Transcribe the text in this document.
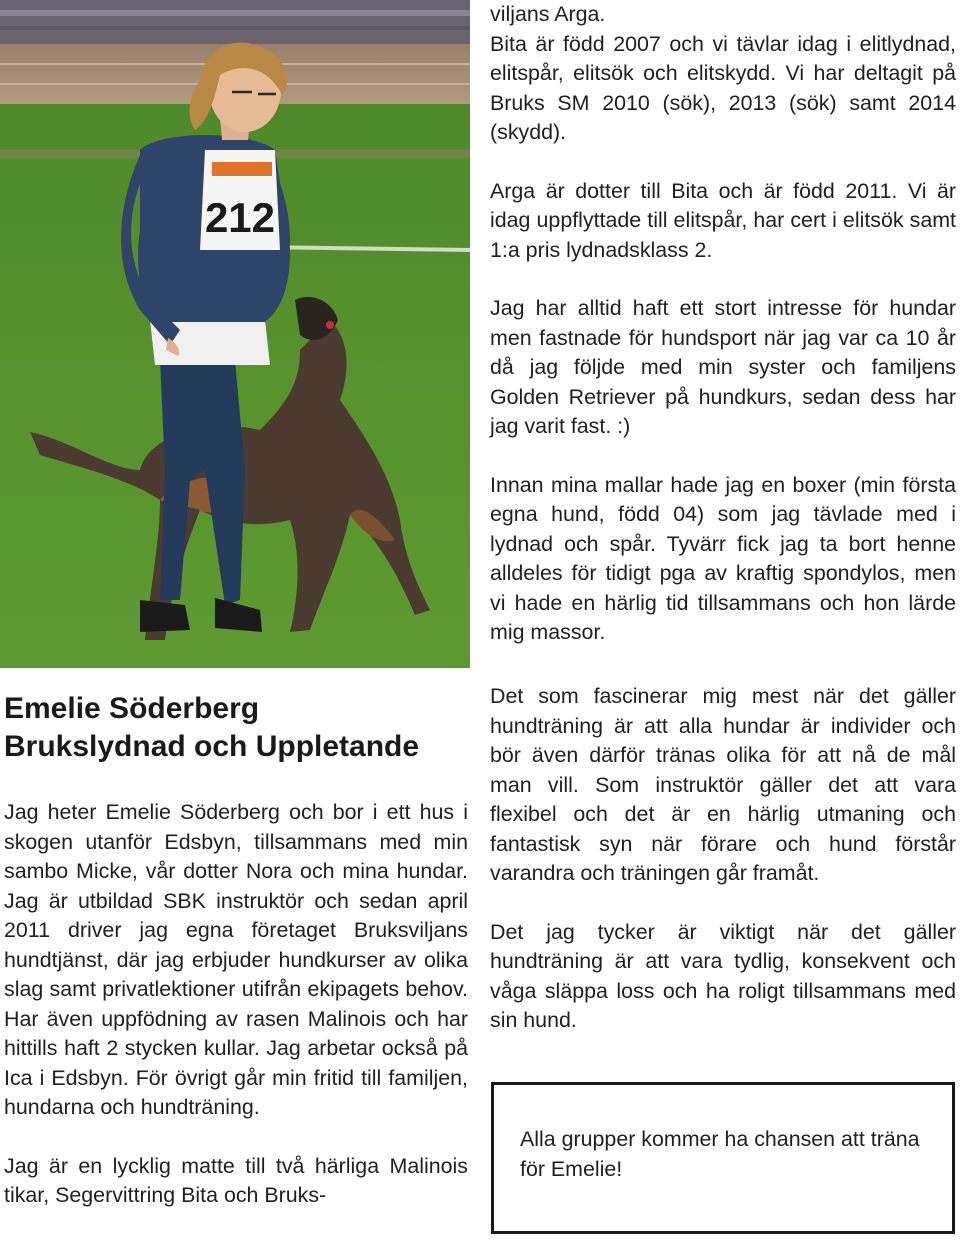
212

viljans Arga.
Bita är född 2007 och vi tävlar idag i elitlydnad, elitspår, elitsök och elitskydd. Vi har deltagit på Bruks SM 2010 (sök), 2013 (sök) samt 2014 (skydd).

Arga är dotter till Bita och är född 2011. Vi är idag uppflyttade till elitspår, har cert i elitsök samt 1:a pris lydnadsklass 2.

Jag har alltid haft ett stort intresse för hundar men fastnade för hundsport när jag var ca 10 år då jag följde med min syster och familjens Golden Retriever på hundkurs, sedan dess har jag varit fast. :)

Innan mina mallar hade jag en boxer (min första egna hund, född 04) som jag tävlade med i lydnad och spår. Tyvärr fick jag ta bort henne alldeles för tidigt pga av kraftig spondylos, men vi hade en härlig tid tillsammans och hon lärde mig massor.

Det som fascinerar mig mest när det gäller hundträning är att alla hundar är individer och bör även därför tränas olika för att nå de mål man vill. Som instruktör gäller det att vara flexibel och det är en härlig utmaning och fantastisk syn när förare och hund förstår varandra och träningen går framåt.

Det jag tycker är viktigt när det gäller hundträning är att vara tydlig, konsekvent och våga släppa loss och ha roligt tillsammans med sin hund.

Emelie Söderberg
Brukslydnad och Uppletande

Jag heter Emelie Söderberg och bor i ett hus i skogen utanför Edsbyn, tillsammans med min sambo Micke, vår dotter Nora och mina hundar. Jag är utbildad SBK instruktör och sedan april 2011 driver jag egna företaget Bruksviljans hundtjänst, där jag erbjuder hundkurser av olika slag samt privatlektioner utifrån ekipagets behov. Har även uppfödning av rasen Malinois och har hittills haft 2 stycken kullar. Jag arbetar också på Ica i Edsbyn. För övrigt går min fritid till familjen, hundarna och hundträning.

Jag är en lycklig matte till två härliga Malinois tikar, Segervittring Bita och Bruks-

Alla grupper kommer ha chansen att träna för Emelie!
